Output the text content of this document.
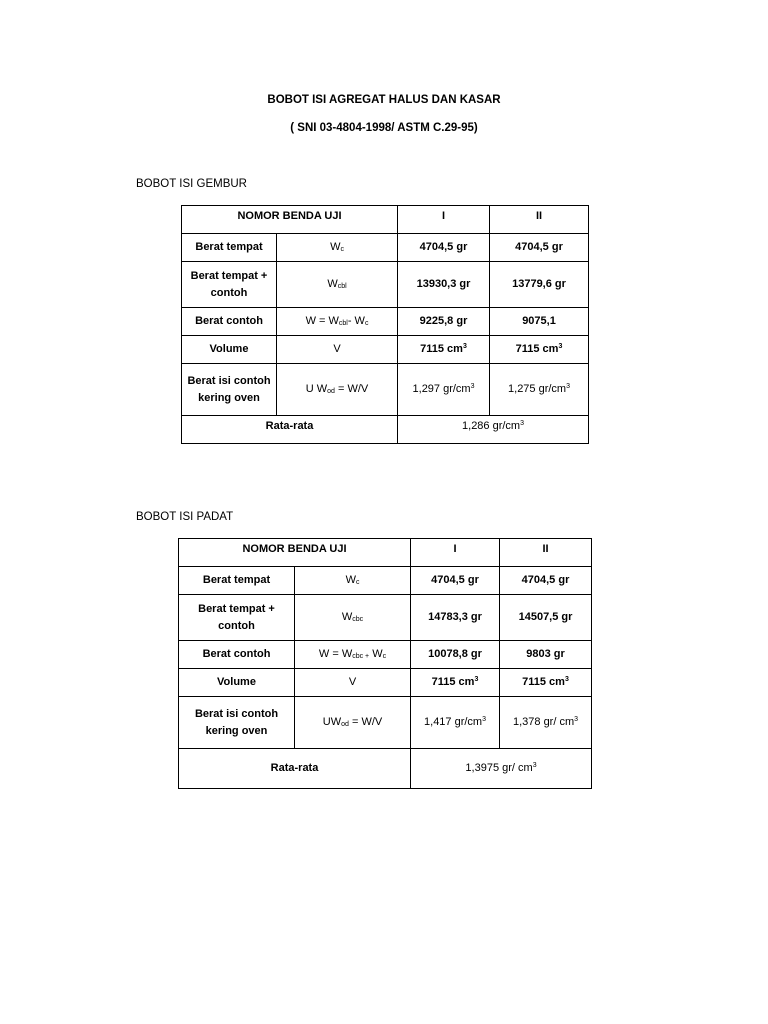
BOBOT ISI AGREGAT HALUS DAN KASAR
( SNI 03-4804-1998/ ASTM C.29-95)
BOBOT ISI GEMBUR
NOMOR BENDA UJI		I	II
Berat tempat	$W_c$	4704,5 gr	4704,5 gr
Berat tempat + contoh	$W_{cbl}$	13930,3 gr	13779,6 gr
Berat contoh	$W = W_{cbl}-$ $W_c$	9225,8 gr	9075,1
Volume	V	7115 $cm^3$	7115 $cm^3$
Berat isi contoh kering oven	U $W_{od} = W/V$	1,297 $gr/cm^3$	1,275 $gr/cm^3$
Rata-rata		1,286 $gr/cm^3$
BOBOT ISI PADAT
NOMOR BENDA UJI		I	II
Berat tempat	$W_c$	4704,5 gr	4704,5 gr
Berat tempat + contoh	$W_{cbc}$	14783,3 gr	14507,5 gr
Berat contoh	$W = W_{cbc +}$ $W_c$	10078,8 gr	9803 gr
Volume	V	7115 $cm^3$	7115 $cm^3$
Berat isi contoh kering oven	$UW_{od} = W/V$	1,417 $gr/cm^3$	1,378 gr/ $cm^3$
Rata-rata		1,3975 gr/ $cm^3$
